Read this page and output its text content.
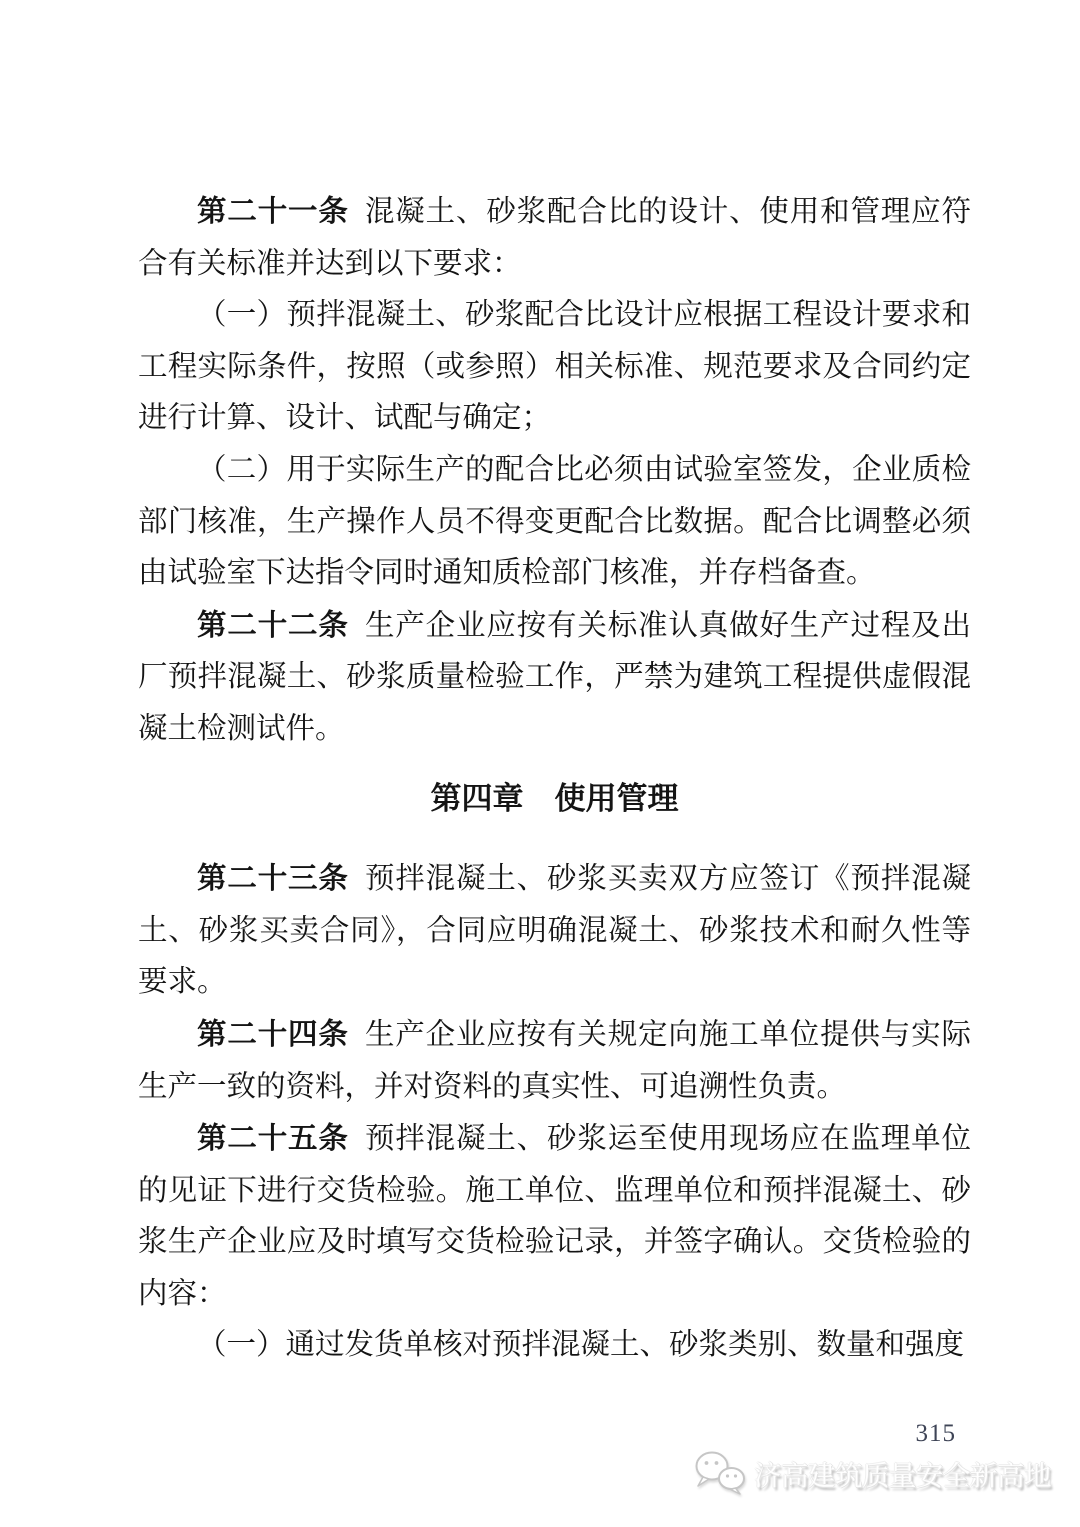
第二十一条 混凝土、砂浆配合比的设计、使用和管理应符合有关标准并达到以下要求：

（一）预拌混凝土、砂浆配合比设计应根据工程设计要求和工程实际条件，按照（或参照）相关标准、规范要求及合同约定进行计算、设计、试配与确定；

（二）用于实际生产的配合比必须由试验室签发，企业质检部门核准，生产操作人员不得变更配合比数据。配合比调整必须由试验室下达指令同时通知质检部门核准，并存档备查。

第二十二条 生产企业应按有关标准认真做好生产过程及出厂预拌混凝土、砂浆质量检验工作，严禁为建筑工程提供虚假混凝土检测试件。

第四章　使用管理

第二十三条 预拌混凝土、砂浆买卖双方应签订《预拌混凝土、砂浆买卖合同》，合同应明确混凝土、砂浆技术和耐久性等要求。

第二十四条 生产企业应按有关规定向施工单位提供与实际生产一致的资料，并对资料的真实性、可追溯性负责。

第二十五条 预拌混凝土、砂浆运至使用现场应在监理单位的见证下进行交货检验。施工单位、监理单位和预拌混凝土、砂浆生产企业应及时填写交货检验记录，并签字确认。交货检验的内容：

（一）通过发货单核对预拌混凝土、砂浆类别、数量和强度

315
济高建筑质量安全新高地
